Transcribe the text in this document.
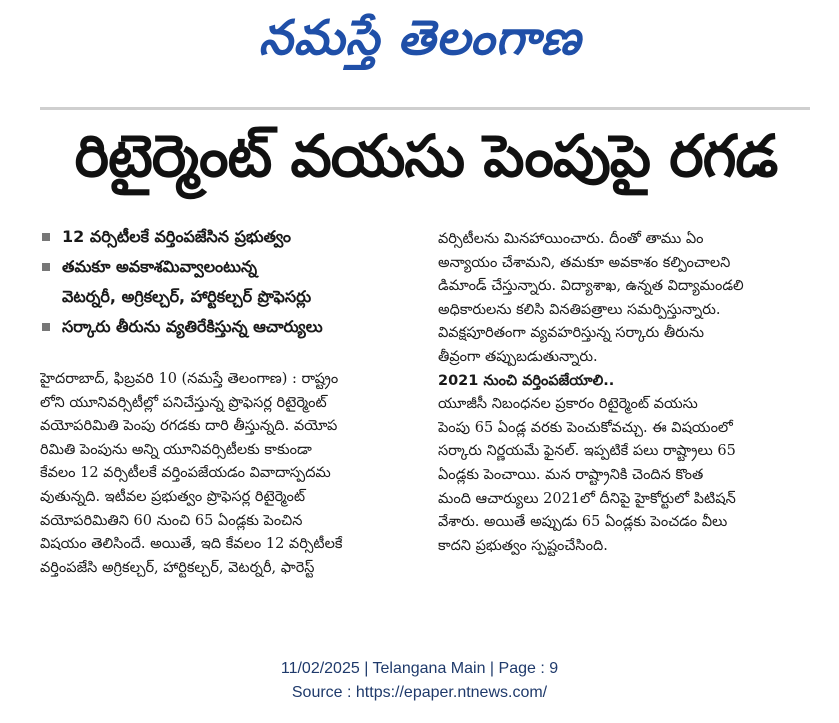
నమస్తే తెలంగాణ
రిటైర్మెంట్ వయసు పెంపుపై రగడ
12 వర్సిటీలకే వర్తింపజేసిన ప్రభుత్వం
తమకూ అవకాశమివ్వాలంటున్న
వెటర్నరీ, అగ్రికల్చర్, హార్టికల్చర్ ప్రొఫెసర్లు
సర్కారు తీరును వ్యతిరేకిస్తున్న ఆచార్యులు
హైదరాబాద్, ఫిబ్రవరి 10 (నమస్తే తెలంగాణ) : రాష్ట్రం
లోని యూనివర్సిటీల్లో పనిచేస్తున్న ప్రొఫెసర్ల రిటైర్మెంట్
వయోపరిమితి పెంపు రగడకు దారి తీస్తున్నది. వయోప
రిమితి పెంపును అన్ని యూనివర్సిటీలకు కాకుండా
కేవలం 12 వర్సిటీలకే వర్తింపజేయడం వివాదాస్పదమ
వుతున్నది. ఇటీవల ప్రభుత్వం ప్రొఫెసర్ల రిటైర్మెంట్
వయోపరిమితిని 60 నుంచి 65 ఏండ్లకు పెంచిన
విషయం తెలిసిందే. అయితే, ఇది కేవలం 12 వర్సిటీలకే
వర్తింపజేసి అగ్రికల్చర్, హార్టికల్చర్, వెటర్నరీ, ఫారెస్ట్
వర్సిటీలను మినహాయించారు. దీంతో తాము ఏం
అన్యాయం చేశామని, తమకూ అవకాశం కల్పించాలని
డిమాండ్ చేస్తున్నారు. విద్యాశాఖ, ఉన్నత విద్యామండలి
అధికారులను కలిసి వినతిపత్రాలు సమర్పిస్తున్నారు.
వివక్షపూరితంగా వ్యవహరిస్తున్న సర్కారు తీరును
తీవ్రంగా తప్పుబడుతున్నారు.
2021 నుంచి వర్తింపజేయాలి..
యూజీసీ నిబంధనల ప్రకారం రిటైర్మెంట్ వయసు
పెంపు 65 ఏండ్ల వరకు పెంచుకోవచ్చు. ఈ విషయంలో
సర్కారు నిర్ణయమే ఫైనల్. ఇప్పటికే పలు రాష్ట్రాలు 65
ఏండ్లకు పెంచాయి. మన రాష్ట్రానికి చెందిన కొంత
మంది ఆచార్యులు 2021లో దీనిపై హైకోర్టులో పిటిషన్
వేశారు. అయితే అప్పుడు 65 ఏండ్లకు పెంచడం వీలు
కాదని ప్రభుత్వం స్పష్టంచేసింది.
11/02/2025 | Telangana Main | Page : 9
Source : https://epaper.ntnews.com/
